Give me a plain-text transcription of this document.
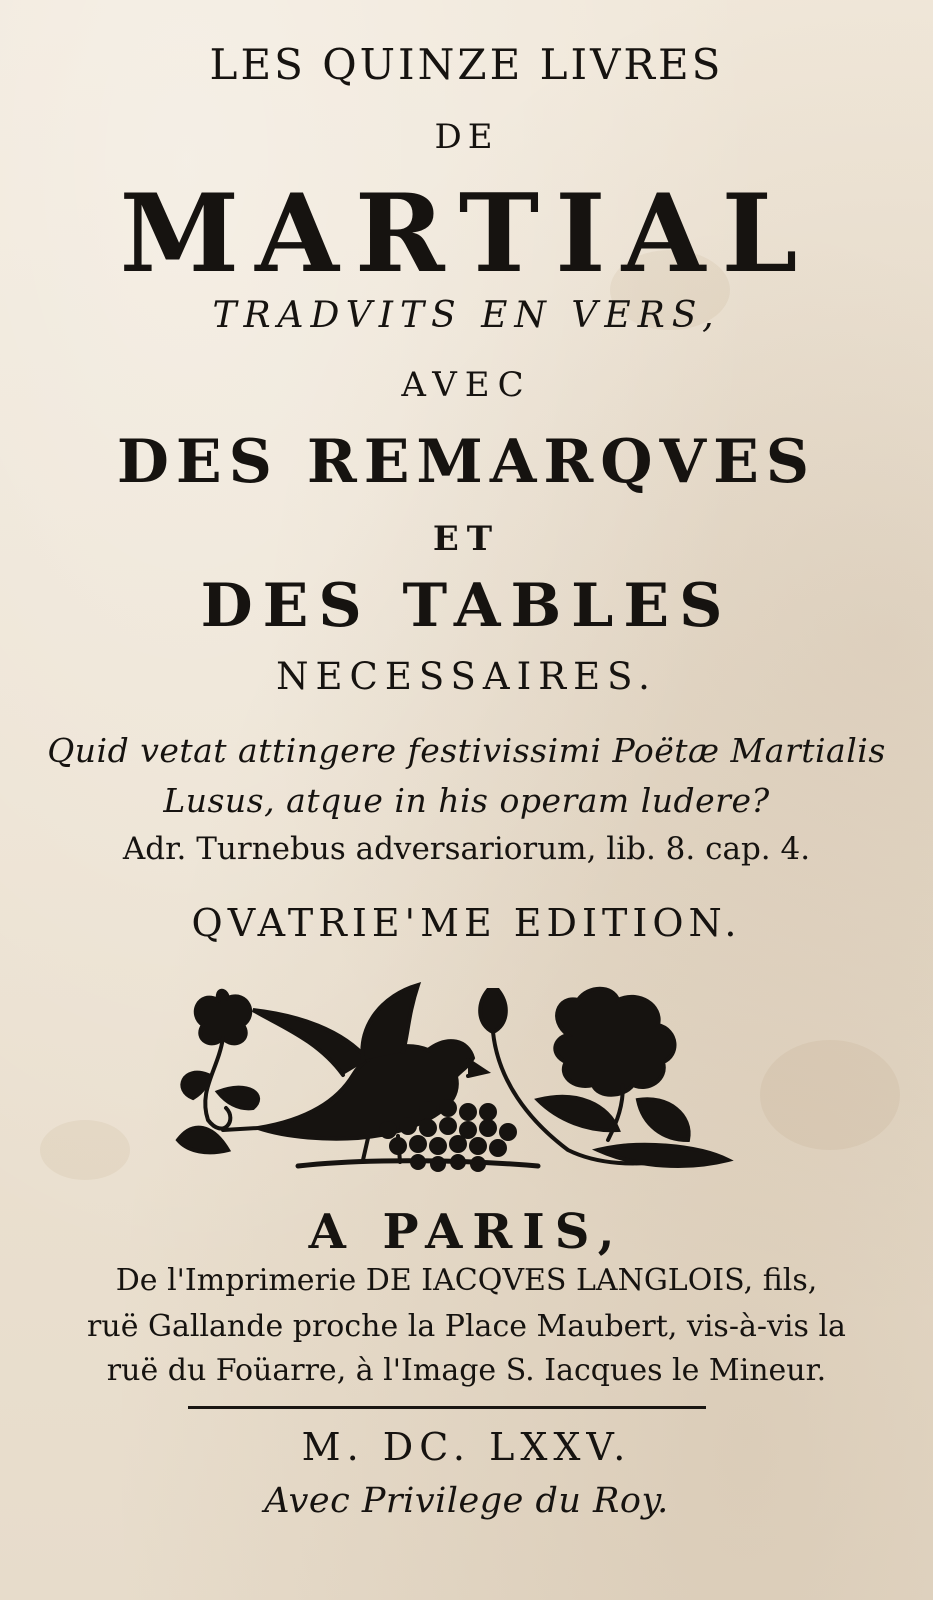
LES QUINZE LIVRES
DE
MARTIAL
TRADVITS EN VERS,
AVEC
DES REMARQVES
ET
DES TABLES
NECESSAIRES.
Quid vetat attingere festivissimi Poëtæ Martialis
Lusus, atque in his operam ludere?
Adr. Turnebus adversariorum, lib. 8. cap. 4.
QVATRIE'ME EDITION.
A PARIS,
De l'Imprimerie DE IACQVES LANGLOIS, fils,
ruë Gallande proche la Place Maubert, vis-à-vis la
ruë du Foüarre, à l'Image S. Iacques le Mineur.
M. DC. LXXV.
Avec Privilege du Roy.
